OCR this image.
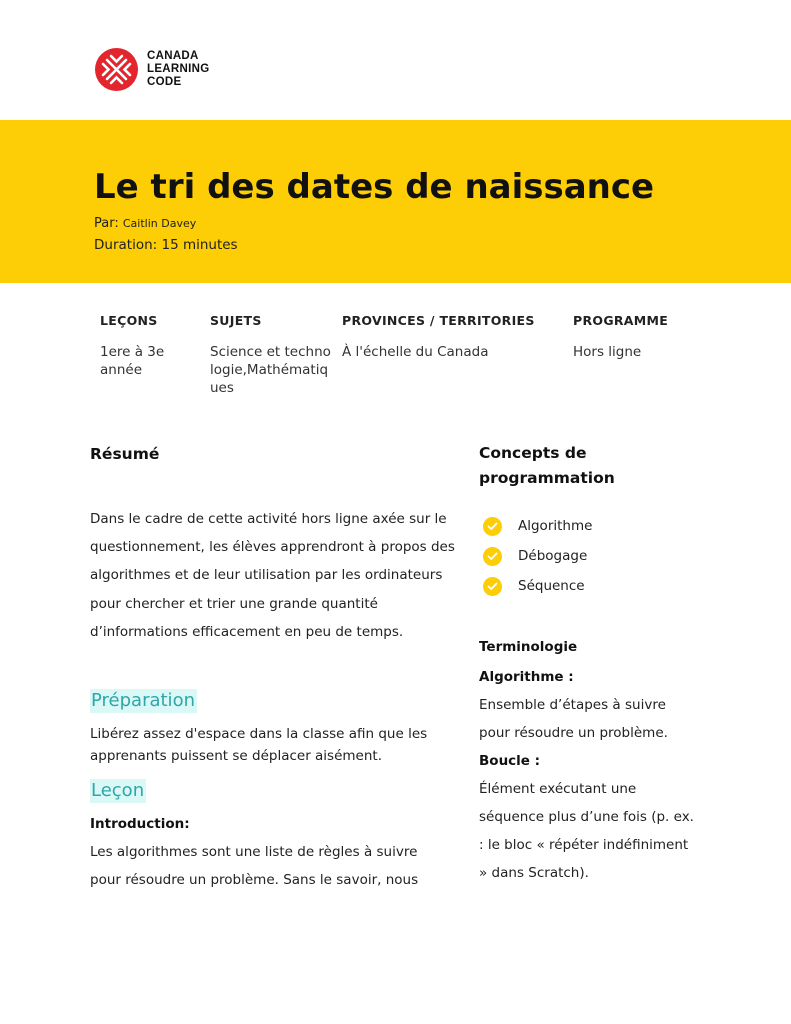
CANADA
LEARNING
CODE
Le tri des dates de naissance
Par: Caitlin Davey
Duration: 15 minutes
LEÇONS
1ere à 3e année
SUJETS
Science et technologie,Mathématiques
PROVINCES / TERRITORIES
À l'échelle du Canada
PROGRAMME
Hors ligne
Résumé

Dans le cadre de cette activité hors ligne axée sur le questionnement, les élèves apprendront à propos des algorithmes et de leur utilisation par les ordinateurs pour chercher et trier une grande quantité d’informations efficacement en peu de temps.

Préparation

Libérez assez d'espace dans la classe afin que les apprenants puissent se déplacer aisément.

Leçon
Introduction:

Les algorithmes sont une liste de règles à suivre pour résoudre un problème. Sans le savoir, nous

Concepts de programmation
Algorithme
Débogage
Séquence
Terminologie
Algorithme :
Ensemble d’étapes à suivre pour résoudre un problème.
Boucle :
Élément exécutant une séquence plus d’une fois (p. ex. : le bloc « répéter indéfiniment » dans Scratch).
